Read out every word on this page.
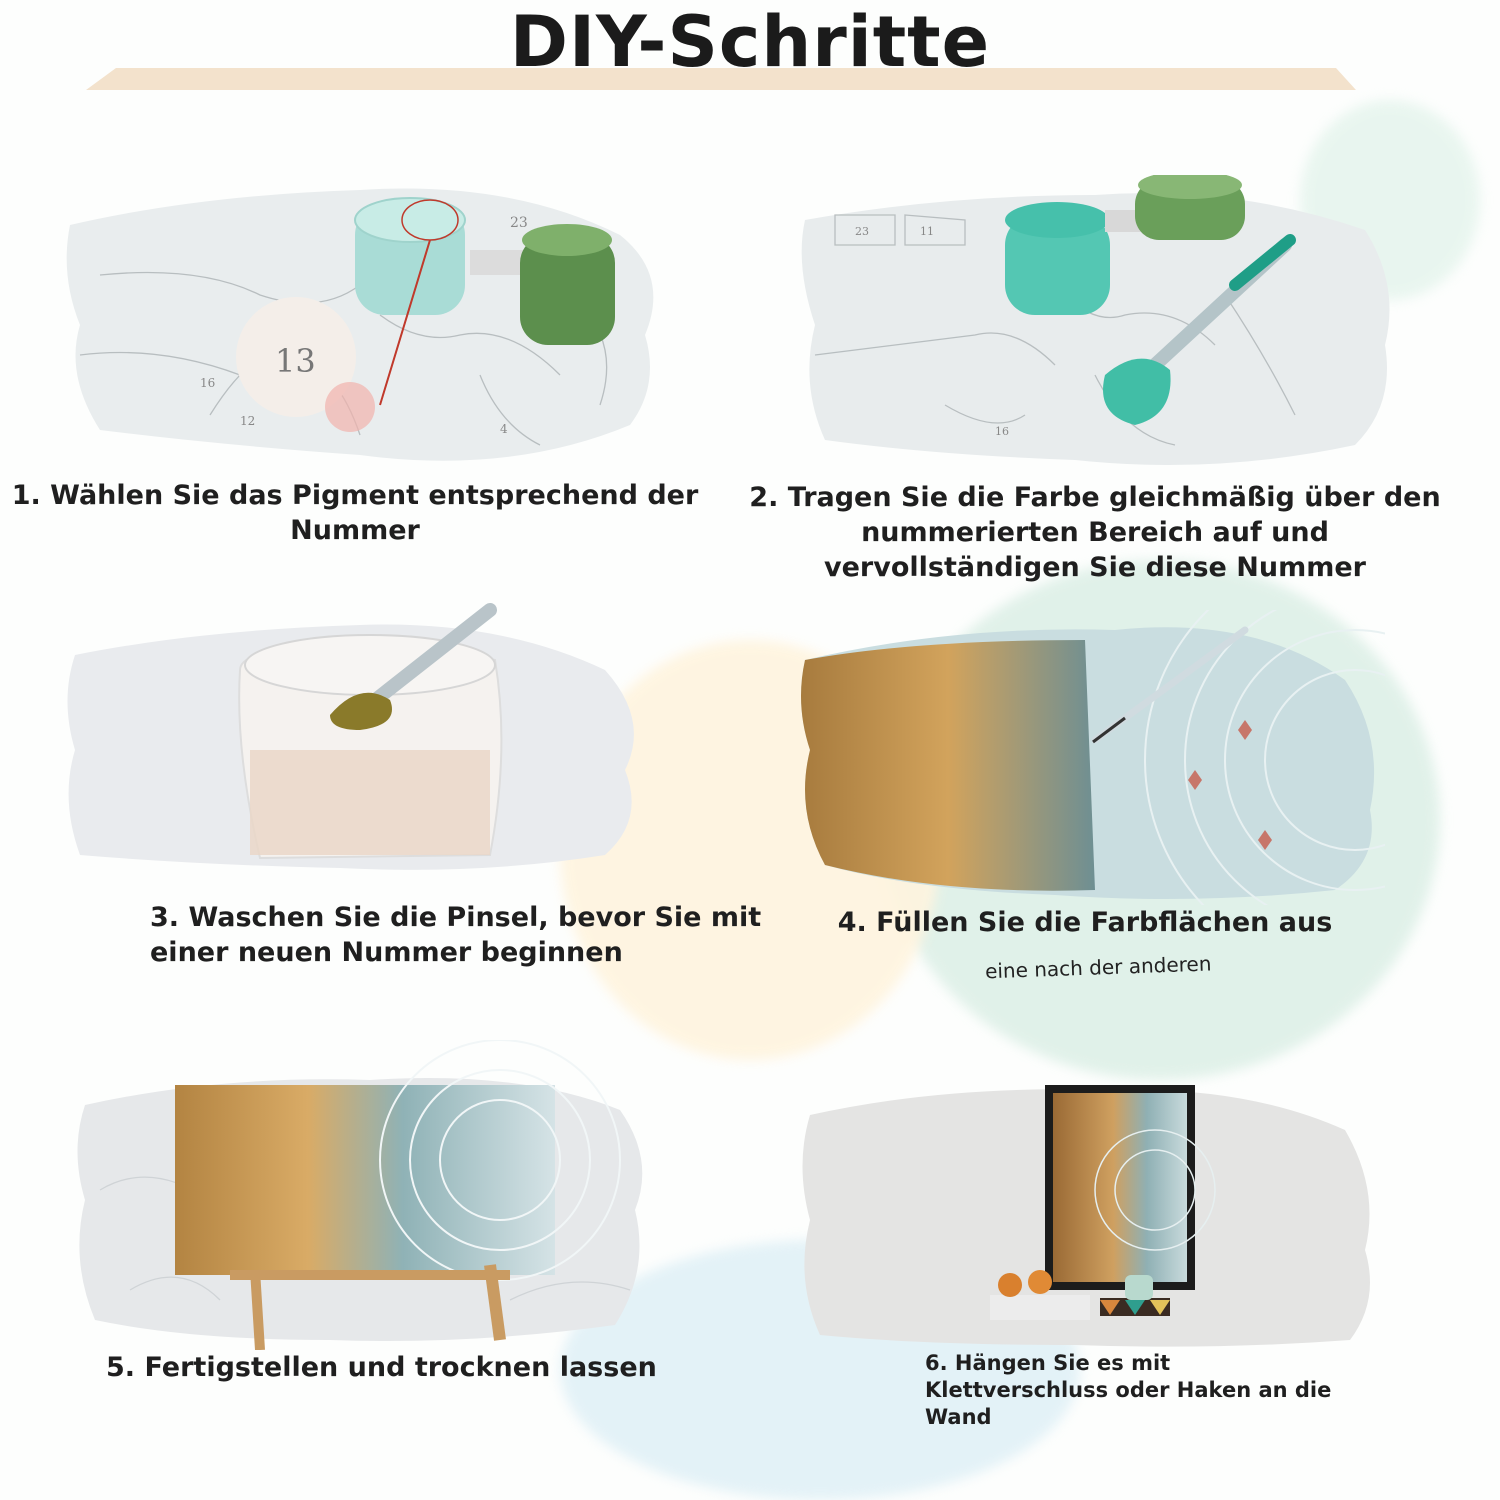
DIY-Schritte
23
16
12
4
13
1. Wählen Sie das Pigment entsprechend der Nummer
23	11
16
2. Tragen Sie die Farbe gleichmäßig über den nummerierten Bereich auf und vervollständigen Sie diese Nummer
3. Waschen Sie die Pinsel, bevor Sie mit einer neuen Nummer beginnen
4. Füllen Sie die Farbflächen aus
eine nach der anderen
5. Fertigstellen und trocknen lassen	6. Hängen Sie es mit Klettverschluss oder Haken an die Wand
